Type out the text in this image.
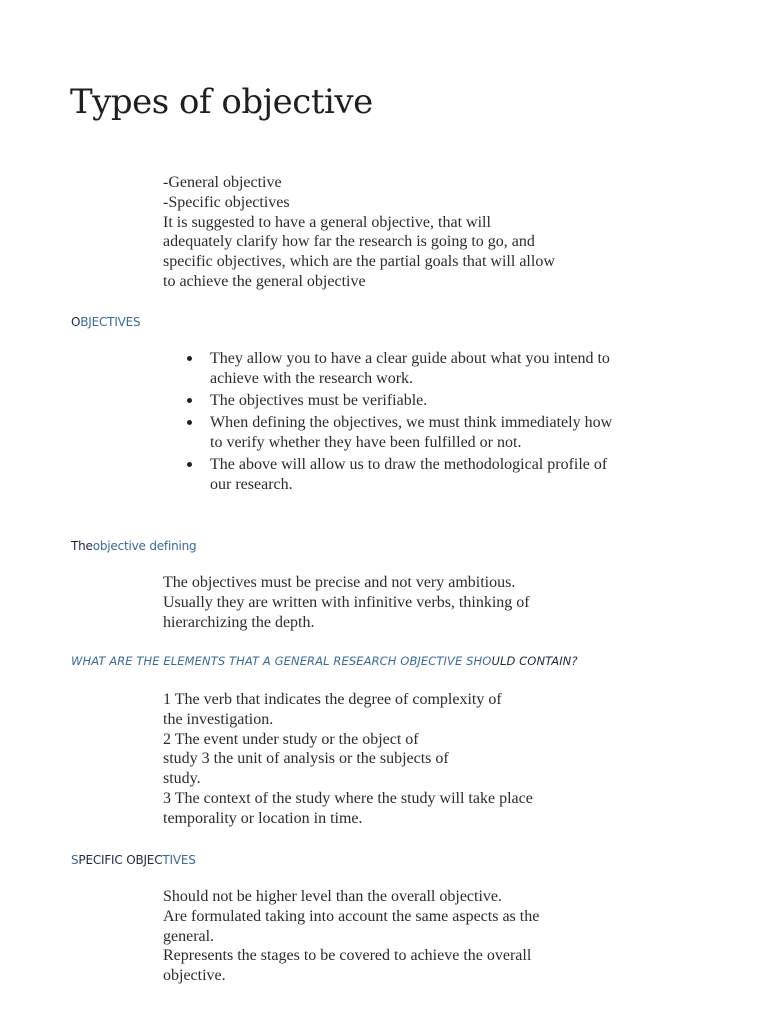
Types of objective
-General objective
-Specific objectives
It is suggested to have a general objective, that will
adequately clarify how far the research is going to go, and
specific objectives, which are the partial goals that will allow
to achieve the general objective
OBJECTIVES
They allow you to have a clear guide about what you intend to achieve with the research work.
The objectives must be verifiable.
When defining the objectives, we must think immediately how to verify whether they have been fulfilled or not.
The above will allow us to draw the methodological profile of our research.
Theobjective defining
The objectives must be precise and not very ambitious.
Usually they are written with infinitive verbs, thinking of
hierarchizing the depth.
WHAT ARE THE ELEMENTS THAT A GENERAL RESEARCH OBJECTIVE SHOULD CONTAIN?
1 The verb that indicates the degree of complexity of
the investigation.
2 The event under study or the object of
study 3 the unit of analysis or the subjects of
study.
3 The context of the study where the study will take place
temporality or location in time.
SPECIFIC OBJECTIVES
Should not be higher level than the overall objective.
Are formulated taking into account the same aspects as the
general.
Represents the stages to be covered to achieve the overall
objective.
